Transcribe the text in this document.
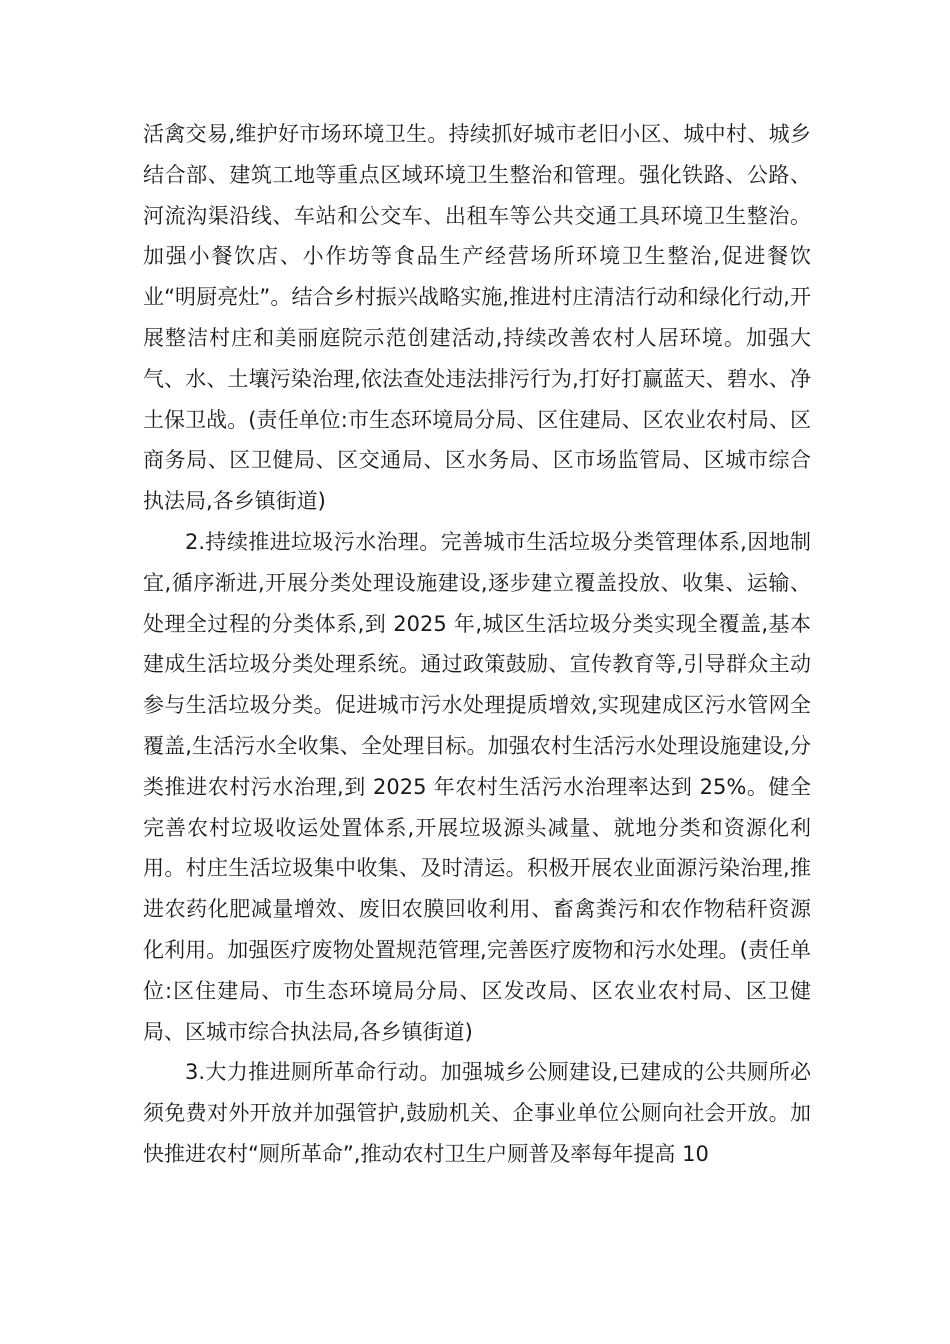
活禽交易,维护好市场环境卫生。持续抓好城市老旧小区、城中村、城乡结合部、建筑工地等重点区域环境卫生整治和管理。强化铁路、公路、河流沟渠沿线、车站和公交车、出租车等公共交通工具环境卫生整治。加强小餐饮店、小作坊等食品生产经营场所环境卫生整治,促进餐饮业“明厨亮灶”。结合乡村振兴战略实施,推进村庄清洁行动和绿化行动,开展整洁村庄和美丽庭院示范创建活动,持续改善农村人居环境。加强大气、水、土壤污染治理,依法查处违法排污行为,打好打赢蓝天、碧水、净土保卫战。(责任单位:市生态环境局分局、区住建局、区农业农村局、区商务局、区卫健局、区交通局、区水务局、区市场监管局、区城市综合执法局,各乡镇街道)

2.持续推进垃圾污水治理。完善城市生活垃圾分类管理体系,因地制宜,循序渐进,开展分类处理设施建设,逐步建立覆盖投放、收集、运输、处理全过程的分类体系,到 2025 年,城区生活垃圾分类实现全覆盖,基本建成生活垃圾分类处理系统。通过政策鼓励、宣传教育等,引导群众主动参与生活垃圾分类。促进城市污水处理提质增效,实现建成区污水管网全覆盖,生活污水全收集、全处理目标。加强农村生活污水处理设施建设,分类推进农村污水治理,到 2025 年农村生活污水治理率达到 25%。健全完善农村垃圾收运处置体系,开展垃圾源头减量、就地分类和资源化利用。村庄生活垃圾集中收集、及时清运。积极开展农业面源污染治理,推进农药化肥减量增效、废旧农膜回收利用、畜禽粪污和农作物秸秆资源化利用。加强医疗废物处置规范管理,完善医疗废物和污水处理。(责任单位:区住建局、市生态环境局分局、区发改局、区农业农村局、区卫健局、区城市综合执法局,各乡镇街道)

3.大力推进厕所革命行动。加强城乡公厕建设,已建成的公共厕所必须免费对外开放并加强管护,鼓励机关、企事业单位公厕向社会开放。加快推进农村“厕所革命”,推动农村卫生户厕普及率每年提高 10
